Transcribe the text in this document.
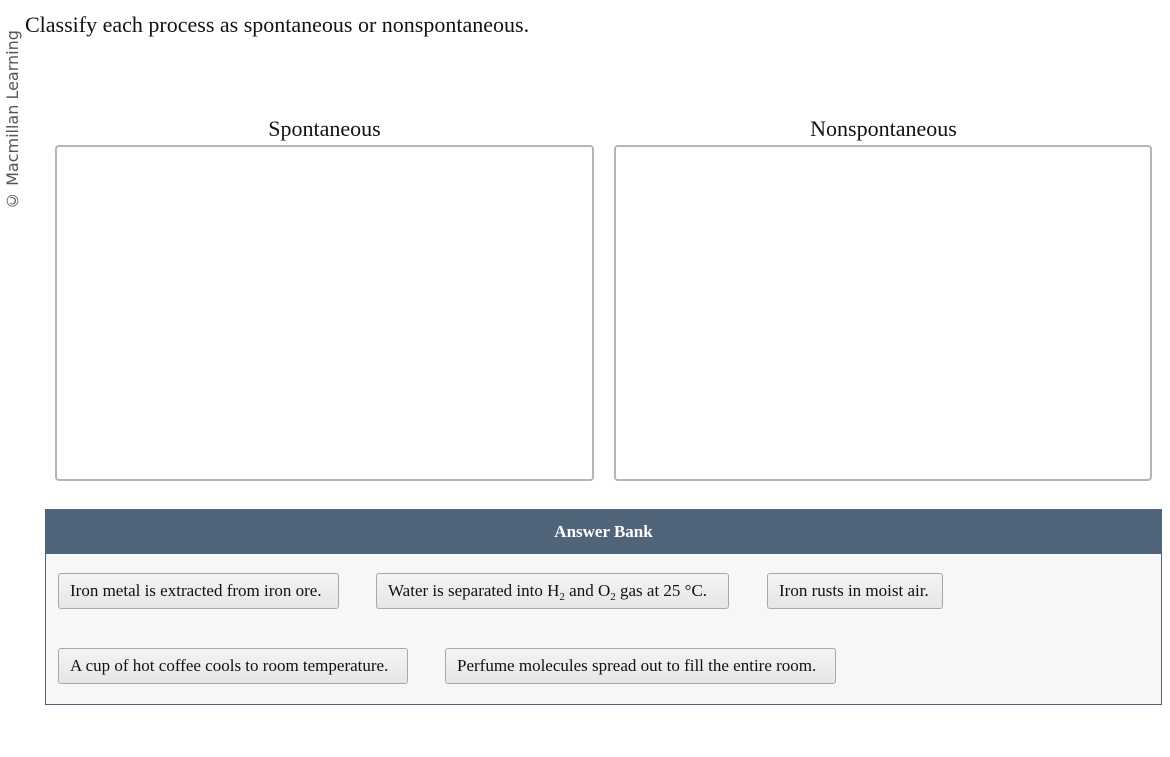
© Macmillan Learning
Classify each process as spontaneous or nonspontaneous.
Spontaneous	Nonspontaneous
Answer Bank
Iron metal is extracted from iron ore.	Water is separated into $H_2$ and $O_2$ gas at 25 °C.	Iron rusts in moist air.
A cup of hot coffee cools to room temperature.	Perfume molecules spread out to fill the entire room.
